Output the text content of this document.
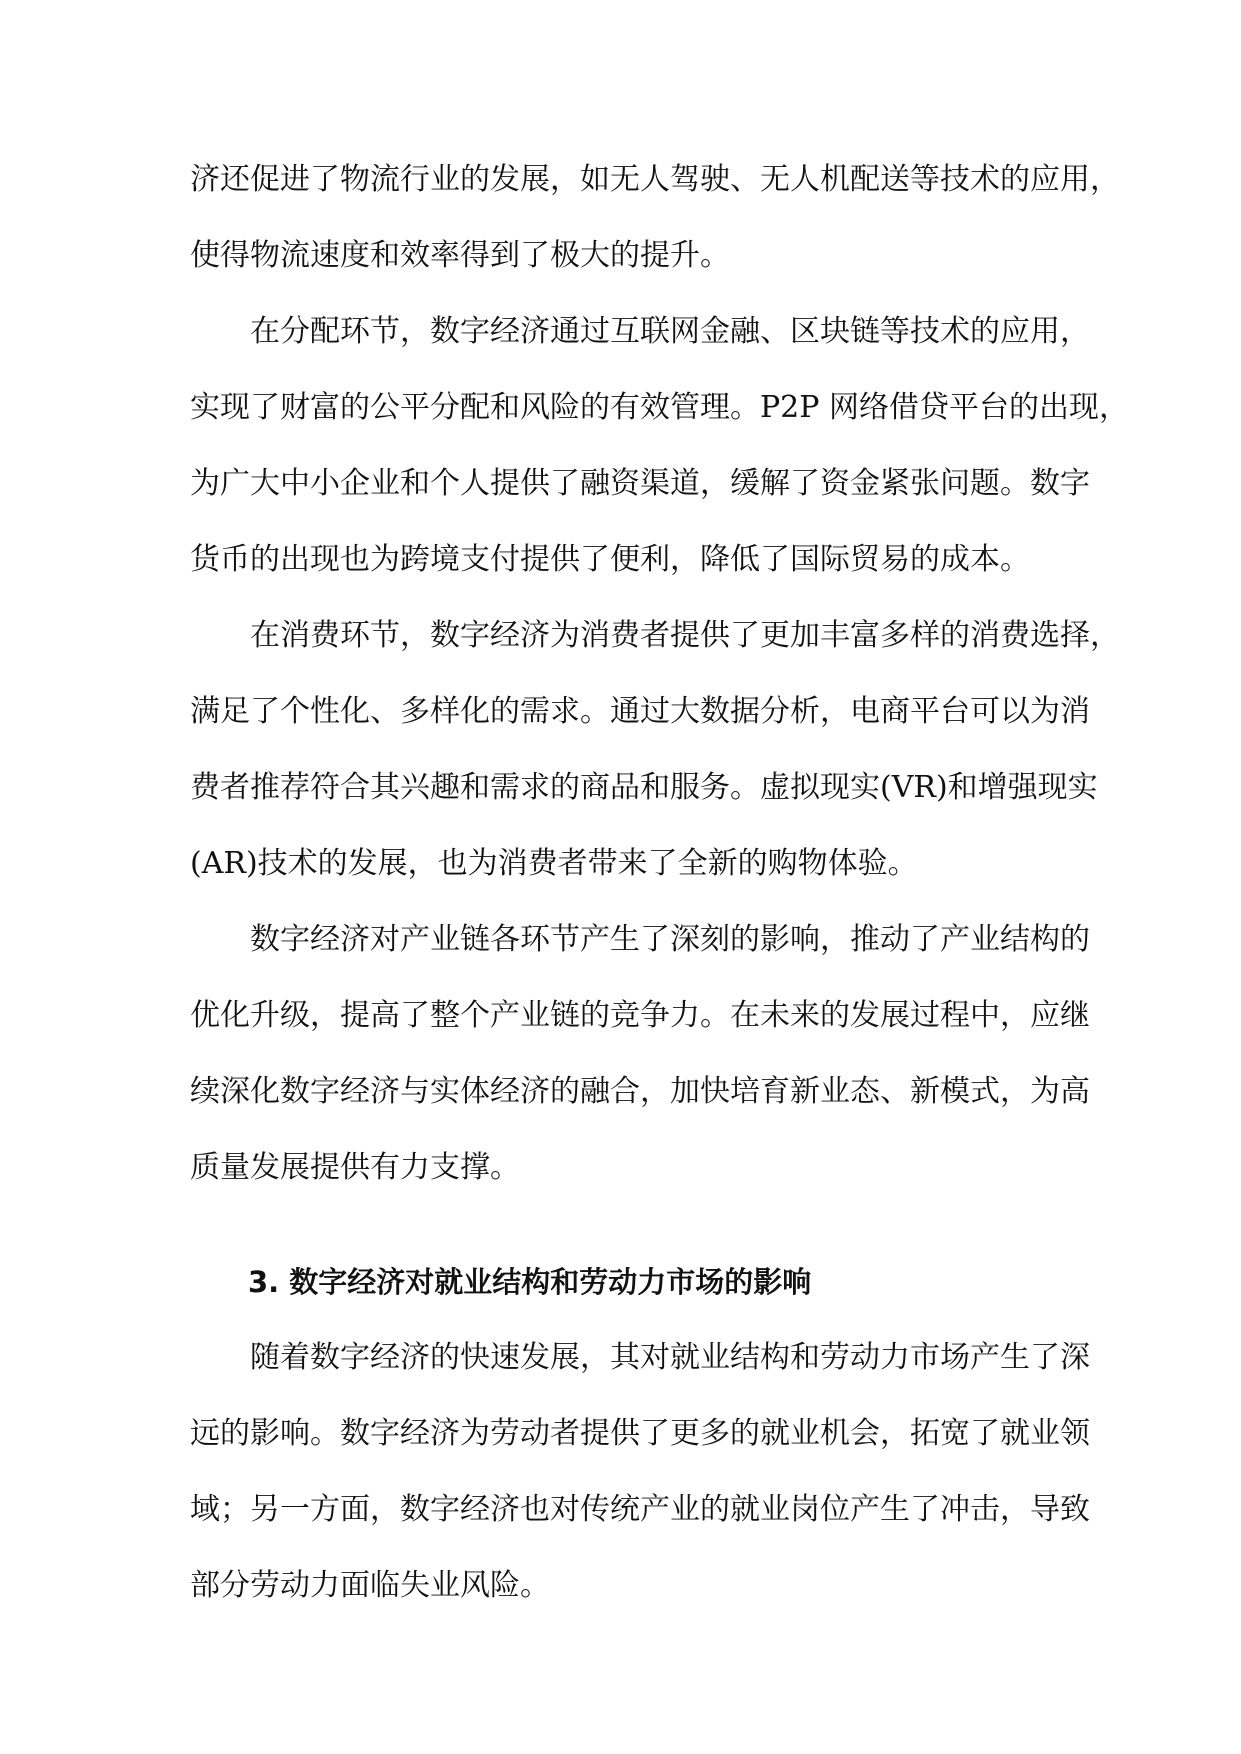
济还促进了物流行业的发展，如无人驾驶、无人机配送等技术的应用，
使得物流速度和效率得到了极大的提升。
在分配环节，数字经济通过互联网金融、区块链等技术的应用，
实现了财富的公平分配和风险的有效管理。P2P 网络借贷平台的出现，
为广大中小企业和个人提供了融资渠道，缓解了资金紧张问题。数字
货币的出现也为跨境支付提供了便利，降低了国际贸易的成本。
在消费环节，数字经济为消费者提供了更加丰富多样的消费选择，
满足了个性化、多样化的需求。通过大数据分析，电商平台可以为消
费者推荐符合其兴趣和需求的商品和服务。虚拟现实(VR)和增强现实
(AR)技术的发展，也为消费者带来了全新的购物体验。
数字经济对产业链各环节产生了深刻的影响，推动了产业结构的
优化升级，提高了整个产业链的竞争力。在未来的发展过程中，应继
续深化数字经济与实体经济的融合，加快培育新业态、新模式，为高
质量发展提供有力支撑。
3. 数字经济对就业结构和劳动力市场的影响
随着数字经济的快速发展，其对就业结构和劳动力市场产生了深
远的影响。数字经济为劳动者提供了更多的就业机会，拓宽了就业领
域；另一方面，数字经济也对传统产业的就业岗位产生了冲击，导致
部分劳动力面临失业风险。
